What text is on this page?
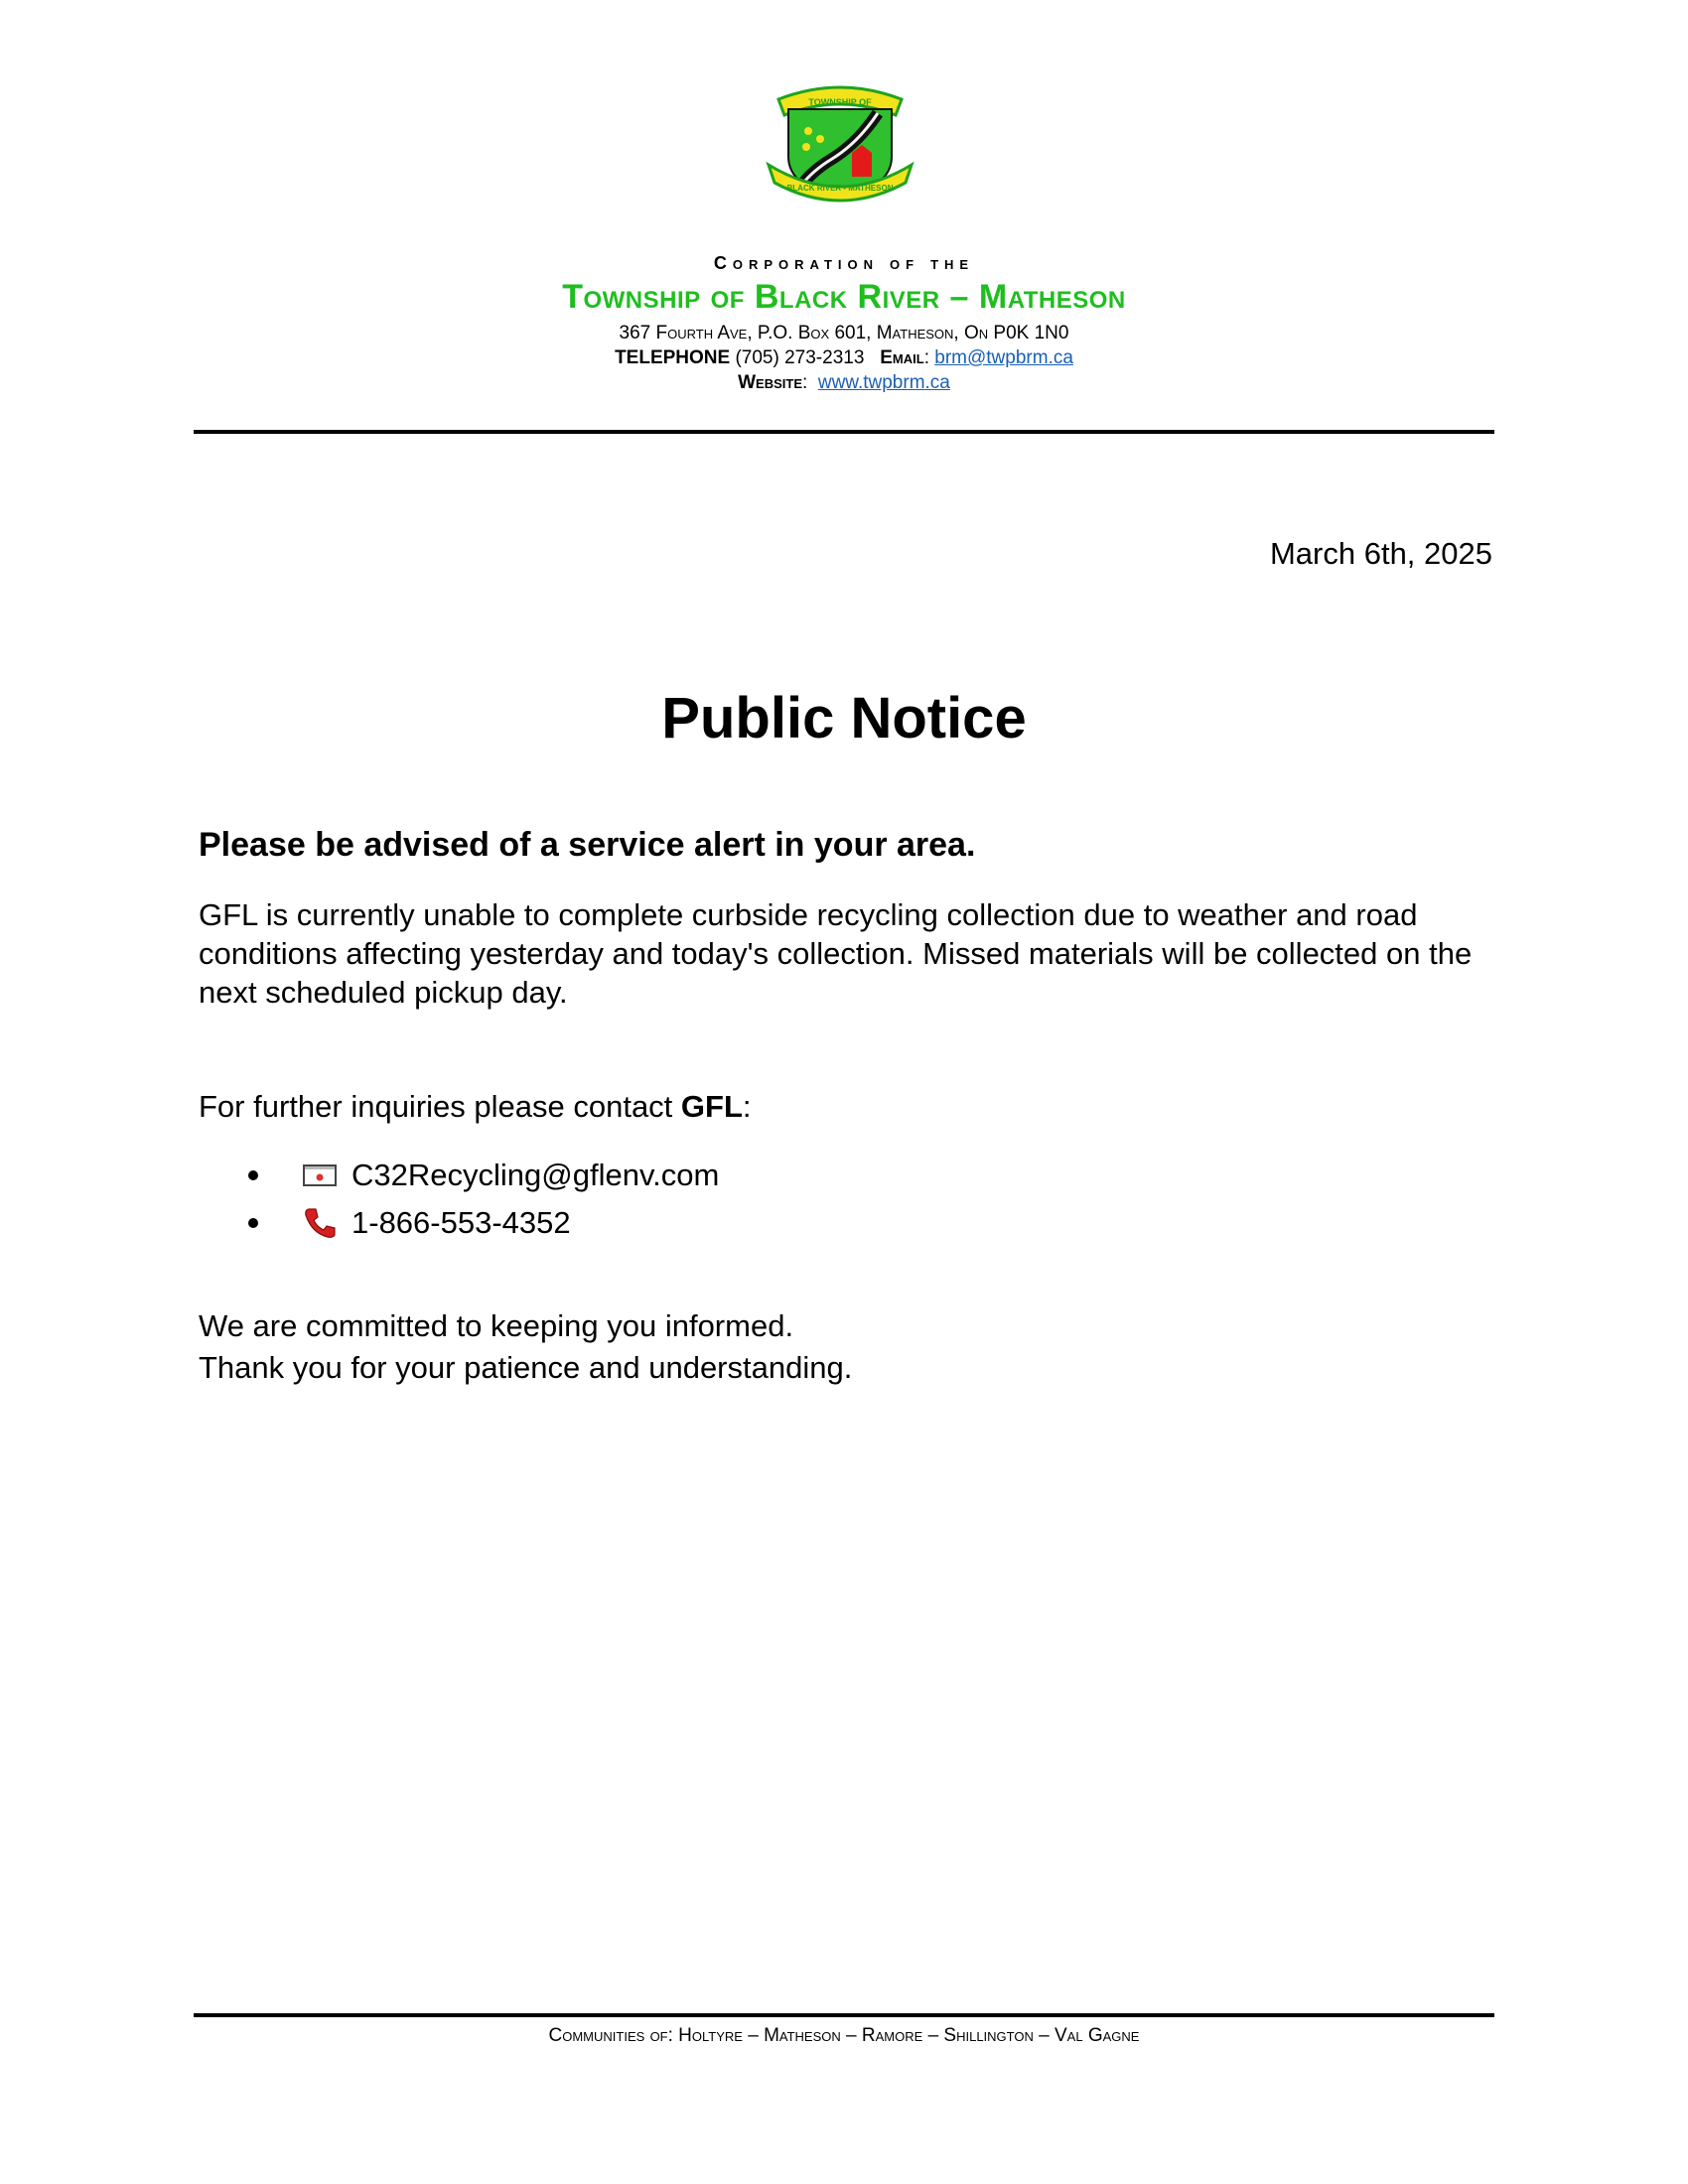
TOWNSHIP OF
BLACK RIVER - MATHESON
Corporation of the
Township of Black River – Matheson
367 Fourth Ave, P.O. Box 601, Matheson, On P0K 1N0
TELEPHONE (705) 273-2313 Email: brm@twpbrm.ca
Website:  www.twpbrm.ca
March 6th, 2025
Public Notice
Please be advised of a service alert in your area.
GFL is currently unable to complete curbside recycling collection due to weather and road conditions affecting yesterday and today's collection. Missed materials will be collected on the next scheduled pickup day.
For further inquiries please contact GFL:
C32Recycling@gflenv.com
1-866-553-4352
We are committed to keeping you informed.
Thank you for your patience and understanding.
Communities of: Holtyre – Matheson – Ramore – Shillington – Val Gagne
